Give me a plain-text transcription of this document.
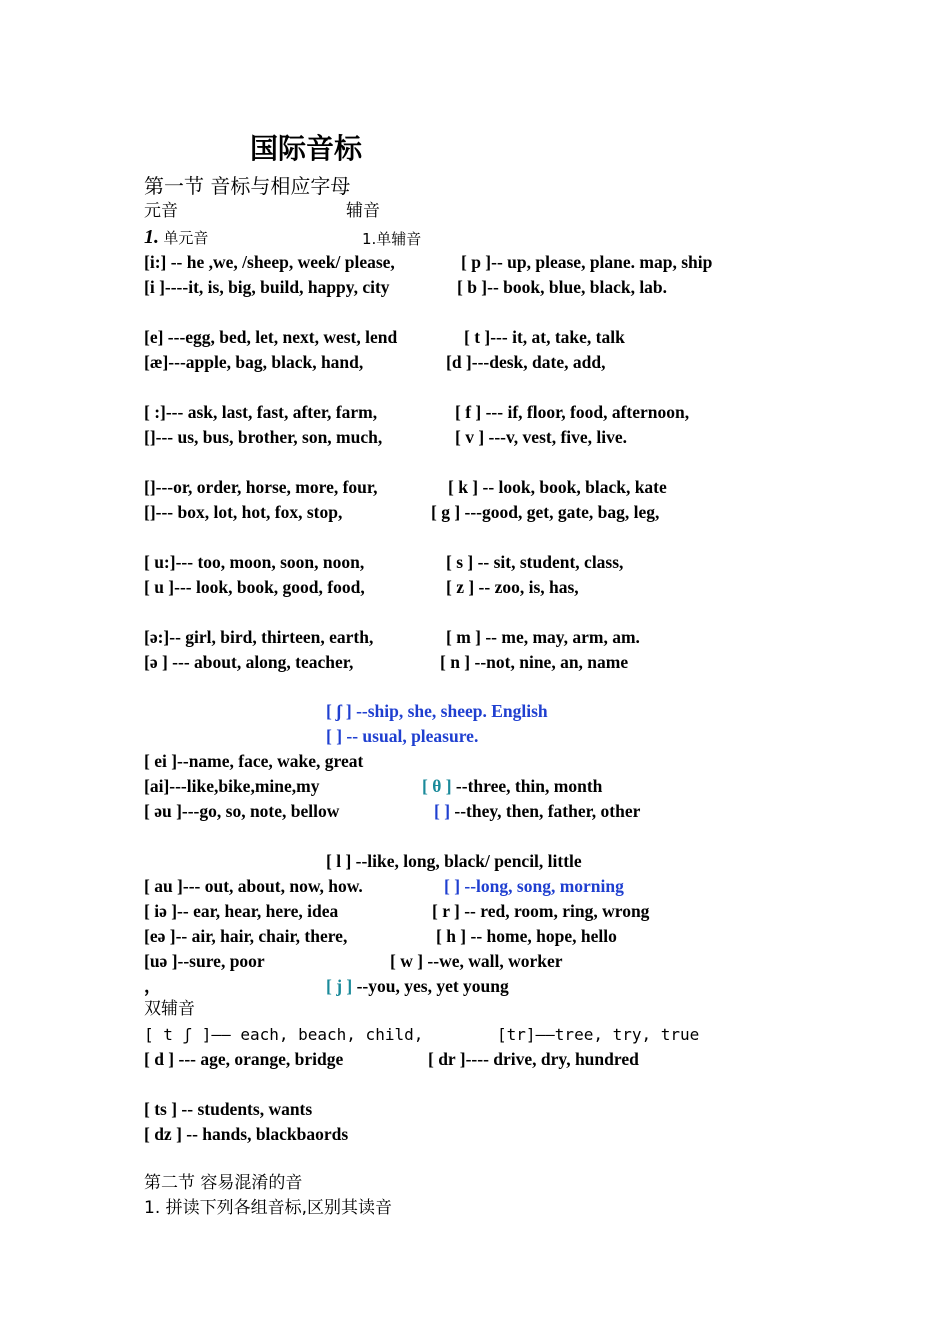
国际音标
第一节 音标与相应字母
元音	辅音
1. 单元音	1.单辅音
[i:] -- he ,we, /sheep, week/ please,	[ p ]-- up, please, plane. map, ship
[i ]----it, is, big, build, happy, city	[ b ]-- book, blue, black, lab.
[e] ---egg, bed, let, next, west, lend	[ t ]--- it, at, take, talk
[æ]---apple, bag, black, hand,	[d ]---desk, date, add,
[ :]--- ask, last, fast, after, farm,	[ f ] --- if, floor, food, afternoon,
[]--- us, bus, brother, son, much,	[ v ] ---v, vest, five, live.
[]---or, order, horse, more, four,	[ k ] -- look, book, black, kate
[]--- box, lot, hot, fox, stop,	[ g ] ---good, get, gate, bag, leg,
[ u:]--- too, moon, soon, noon,	[ s ] -- sit, student, class,
[ u ]--- look, book, good, food,	[ z ] -- zoo, is, has,
[ə:]-- girl, bird, thirteen, earth,	[ m ] -- me, may, arm, am.
[ə ] --- about, along, teacher,	[ n ] --not, nine, an, name
[ ʃ ] --ship, she, sheep. English
[ ] -- usual, pleasure.
[ ei ]--name, face, wake, great
[ai]---like,bike,mine,my	[ θ ] --three, thin, month
[ əu ]---go, so, note, bellow	[ ] --they, then, father, other
[ l ] --like, long, black/ pencil, little
[ au ]--- out, about, now, how.	[ ] --long, song, morning
[ iə ]-- ear, hear, here, idea	[ r ] -- red, room, ring, wrong
[eə ]-- air, hair, chair, there,	[ h ] -- home, hope, hello
[uə ]--sure, poor	[ w ] --we, wall, worker
，	[ j ] --you, yes, yet young
双辅音
[ t ʃ ]—— each, beach, child,	[tr]——tree, try, true
[ d ] --- age, orange, bridge	[ dr ]---- drive, dry, hundred
[ ts ] -- students, wants
[ dz ] -- hands, blackbaords
第二节 容易混淆的音
1. 拼读下列各组音标,区别其读音
